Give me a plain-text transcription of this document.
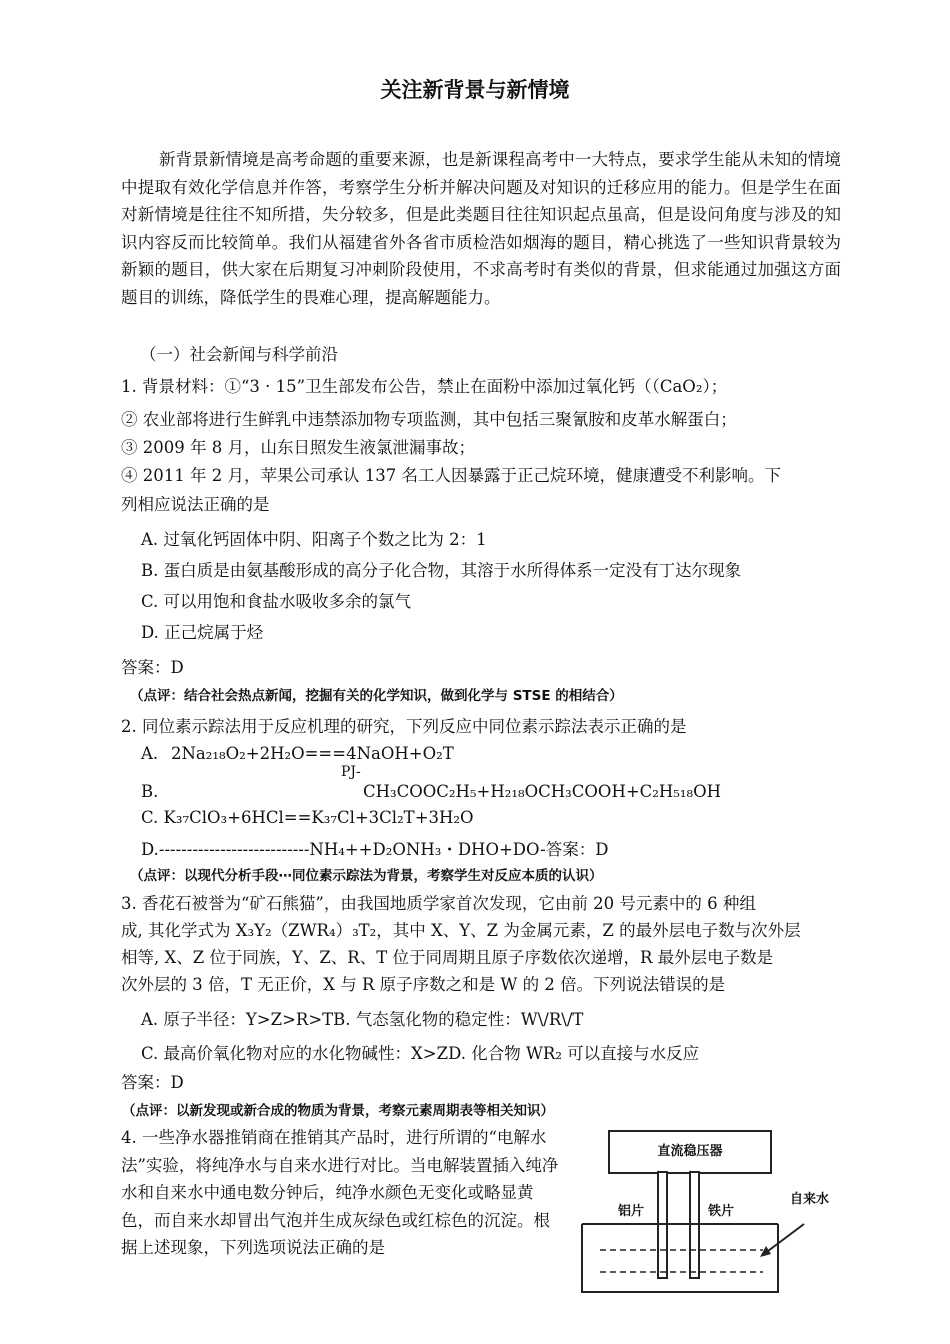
关注新背景与新情境
新背景新情境是高考命题的重要来源，也是新课程高考中一大特点，要求学生能从未知的情境中提取有效化学信息并作答，考察学生分析并解决问题及对知识的迁移应用的能力。但是学生在面对新情境是往往不知所措，失分较多，但是此类题目往往知识起点虽高，但是设问角度与涉及的知识内容反而比较简单。我们从福建省外各省市质检浩如烟海的题目，精心挑选了一些知识背景较为新颖的题目，供大家在后期复习冲刺阶段使用，不求高考时有类似的背景，但求能通过加强这方面题目的训练，降低学生的畏难心理，提高解题能力。
（一）社会新闻与科学前沿
1. 背景材料：①“3 · 15”卫生部发布公告，禁止在面粉中添加过氧化钙（（CaO₂）；
② 农业部将进行生鲜乳中违禁添加物专项监测，其中包括三聚氰胺和皮革水解蛋白；
③ 2009 年 8 月，山东日照发生液氯泄漏事故；
④ 2011 年 2 月，苹果公司承认 137 名工人因暴露于正己烷环境，健康遭受不利影响。下
列相应说法正确的是
A. 过氧化钙固体中阴、阳离子个数之比为 2：1
B. 蛋白质是由氨基酸形成的高分子化合物，其溶于水所得体系一定没有丁达尔现象
C. 可以用饱和食盐水吸收多余的氯气
D. 正己烷属于烃
答案：D
（点评：结合社会热点新闻，挖掘有关的化学知识，做到化学与 STSE 的相结合）
2. 同位素示踪法用于反应机理的研究，下列反应中同位素示踪法表示正确的是
A. 2Na₂₁₈O₂+2H₂O===4NaOH+O₂T
PJ-
B.	CH₃COOC₂H₅+H₂₁₈OCH₃COOH+C₂H₅₁₈OH
C. K₃₇ClO₃+6HCl==K₃₇Cl+3Cl₂T+3H₂O
D.---------------------------NH₄++D₂ONH₃・DHO+DO-答案：D
（点评：以现代分析手段⋯同位素示踪法为背景，考察学生对反应本质的认识）
3. 香花石被誉为“矿石熊猫”，由我国地质学家首次发现，它由前 20 号元素中的 6 种组
成, 其化学式为 X₃Y₂（ZWR₄）₃T₂，其中 X、Y、Z 为金属元素，Z 的最外层电子数与次外层
相等, X、Z 位于同族，Y、Z、R、T 位于同周期且原子序数依次递增，R 最外层电子数是
次外层的 3 倍，T 无正价，X 与 R 原子序数之和是 W 的 2 倍。下列说法错误的是
A. 原子半径：Y>Z>R>TB. 气态氢化物的稳定性：W\/R\/T
C. 最高价氧化物对应的水化物碱性：X>ZD. 化合物 WR₂ 可以直接与水反应
答案：D
（点评：以新发现或新合成的物质为背景，考察元素周期表等相关知识）
4. 一些净水器推销商在推销其产品时，进行所谓的“电解水法”实验，将纯净水与自来水进行对比。当电解装置插入纯净水和自来水中通电数分钟后，纯净水颜色无变化或略显黄色，而自来水却冒出气泡并生成灰绿色或红棕色的沉淀。根据上述现象，下列选项说法正确的是
直流稳压器
铝片	铁片
自来水
